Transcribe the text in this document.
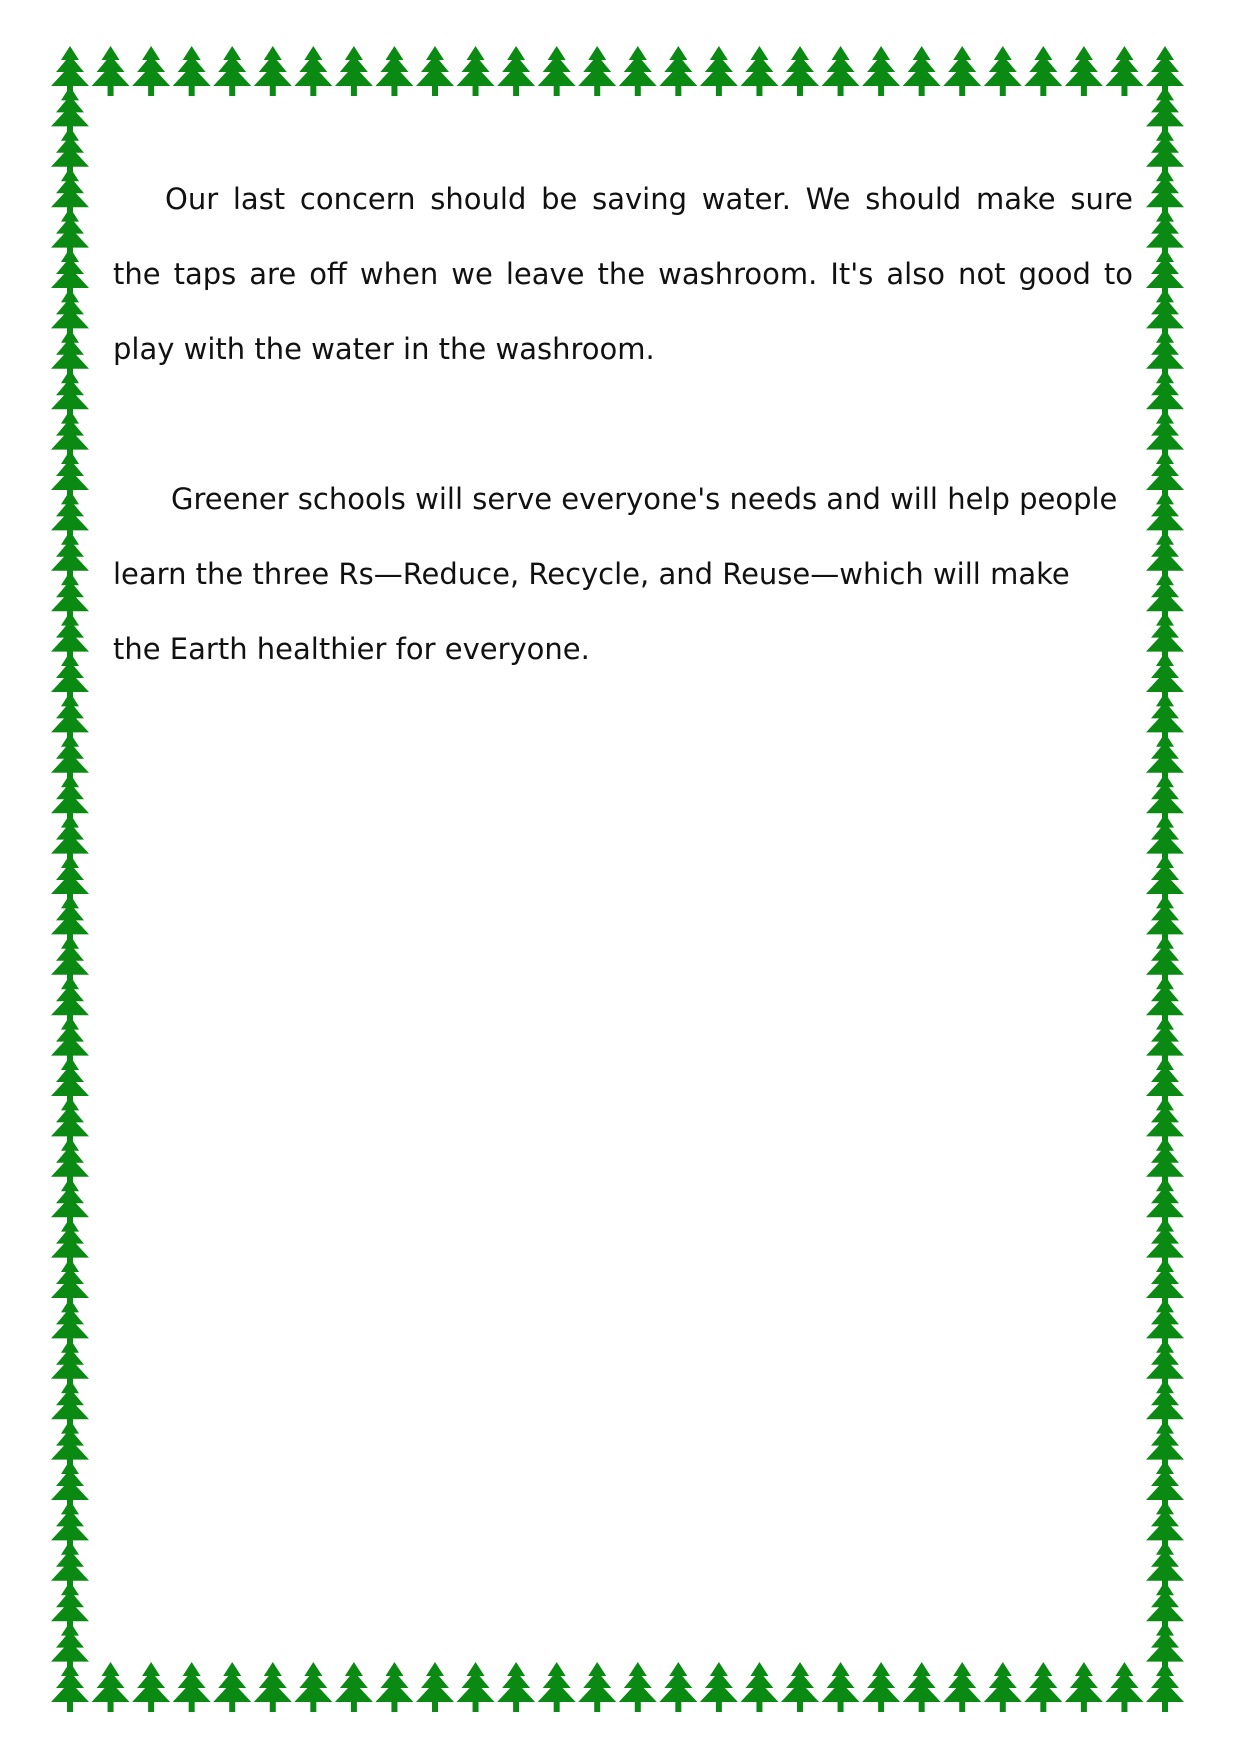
Our last concern should be saving water. We should make sure the taps are off when we leave the washroom. It's also not good to play with the water in the washroom.

Greener schools will serve everyone's needs and will help people learn the three Rs—Reduce, Recycle, and Reuse—which will make the Earth healthier for everyone.
